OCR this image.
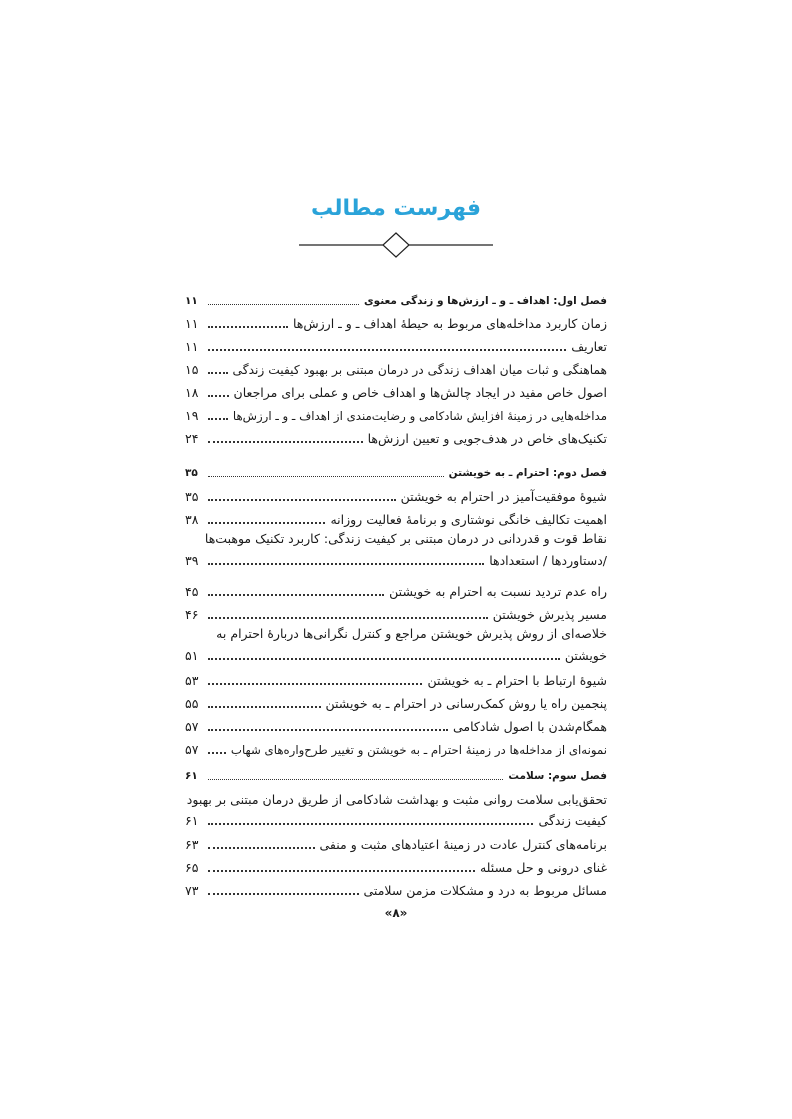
فهرست مطالب
فصل اول: اهداف ـ و ـ ارزش‌ها و زندگی معنوی
۱۱
زمان کاربرد مداخله‌های مربوط به حیطهٔ اهداف ـ و ـ ارزش‌ها
۱۱
تعاریف
۱۱
هماهنگی و ثبات میان اهداف زندگی در درمان مبتنی بر بهبود کیفیت زندگی
۱۵
اصول خاص مفید در ایجاد چالش‌ها و اهداف خاص و عملی برای مراجعان
۱۸
مداخله‌هایی در زمینهٔ افزایش شادکامی و رضایت‌مندی از اهداف ـ و ـ ارزش‌ها
۱۹
تکنیک‌های خاص در هدف‌جویی و تعیین ارزش‌ها
۲۴
فصل دوم: احترام ـ به خویشتن
۳۵
شیوهٔ موفقیت‌آمیز در احترام به خویشتن
۳۵
اهمیت تکالیف خانگی نوشتاری و برنامهٔ فعالیت روزانه
۳۸
نقاط قوت و قدردانی در درمان مبتنی بر کیفیت زندگی: کاربرد تکنیک موهبت‌ها
/دستاوردها / استعدادها
۳۹
راه عدم تردید نسبت به احترام به خویشتن
۴۵
مسیر پذیرش خویشتن
۴۶
خلاصه‌ای از روش پذیرش خویشتن مراجع و کنترل نگرانی‌ها دربارهٔ احترام به
خویشتن
۵۱
شیوهٔ ارتباط با احترام ـ به خویشتن
۵۳
پنجمین راه یا روش کمک‌رسانی در احترام ـ به خویشتن
۵۵
همگام‌شدن با اصول شادکامی
۵۷
نمونه‌ای از مداخله‌ها در زمینهٔ احترام ـ به خویشتن و تغییر طرح‌واره‌های شهاب
۵۷
فصل سوم: سلامت
۶۱
تحقق‌یابی سلامت روانی مثبت و بهداشت شادکامی از طریق درمان مبتنی بر بهبود
کیفیت زندگی
۶۱
برنامه‌های کنترل عادت در زمینهٔ اعتیادهای مثبت و منفی
۶۳
غنای درونی و حل مسئله
۶۵
مسائل مربوط به درد و مشکلات مزمن سلامتی
۷۳
«۸»
